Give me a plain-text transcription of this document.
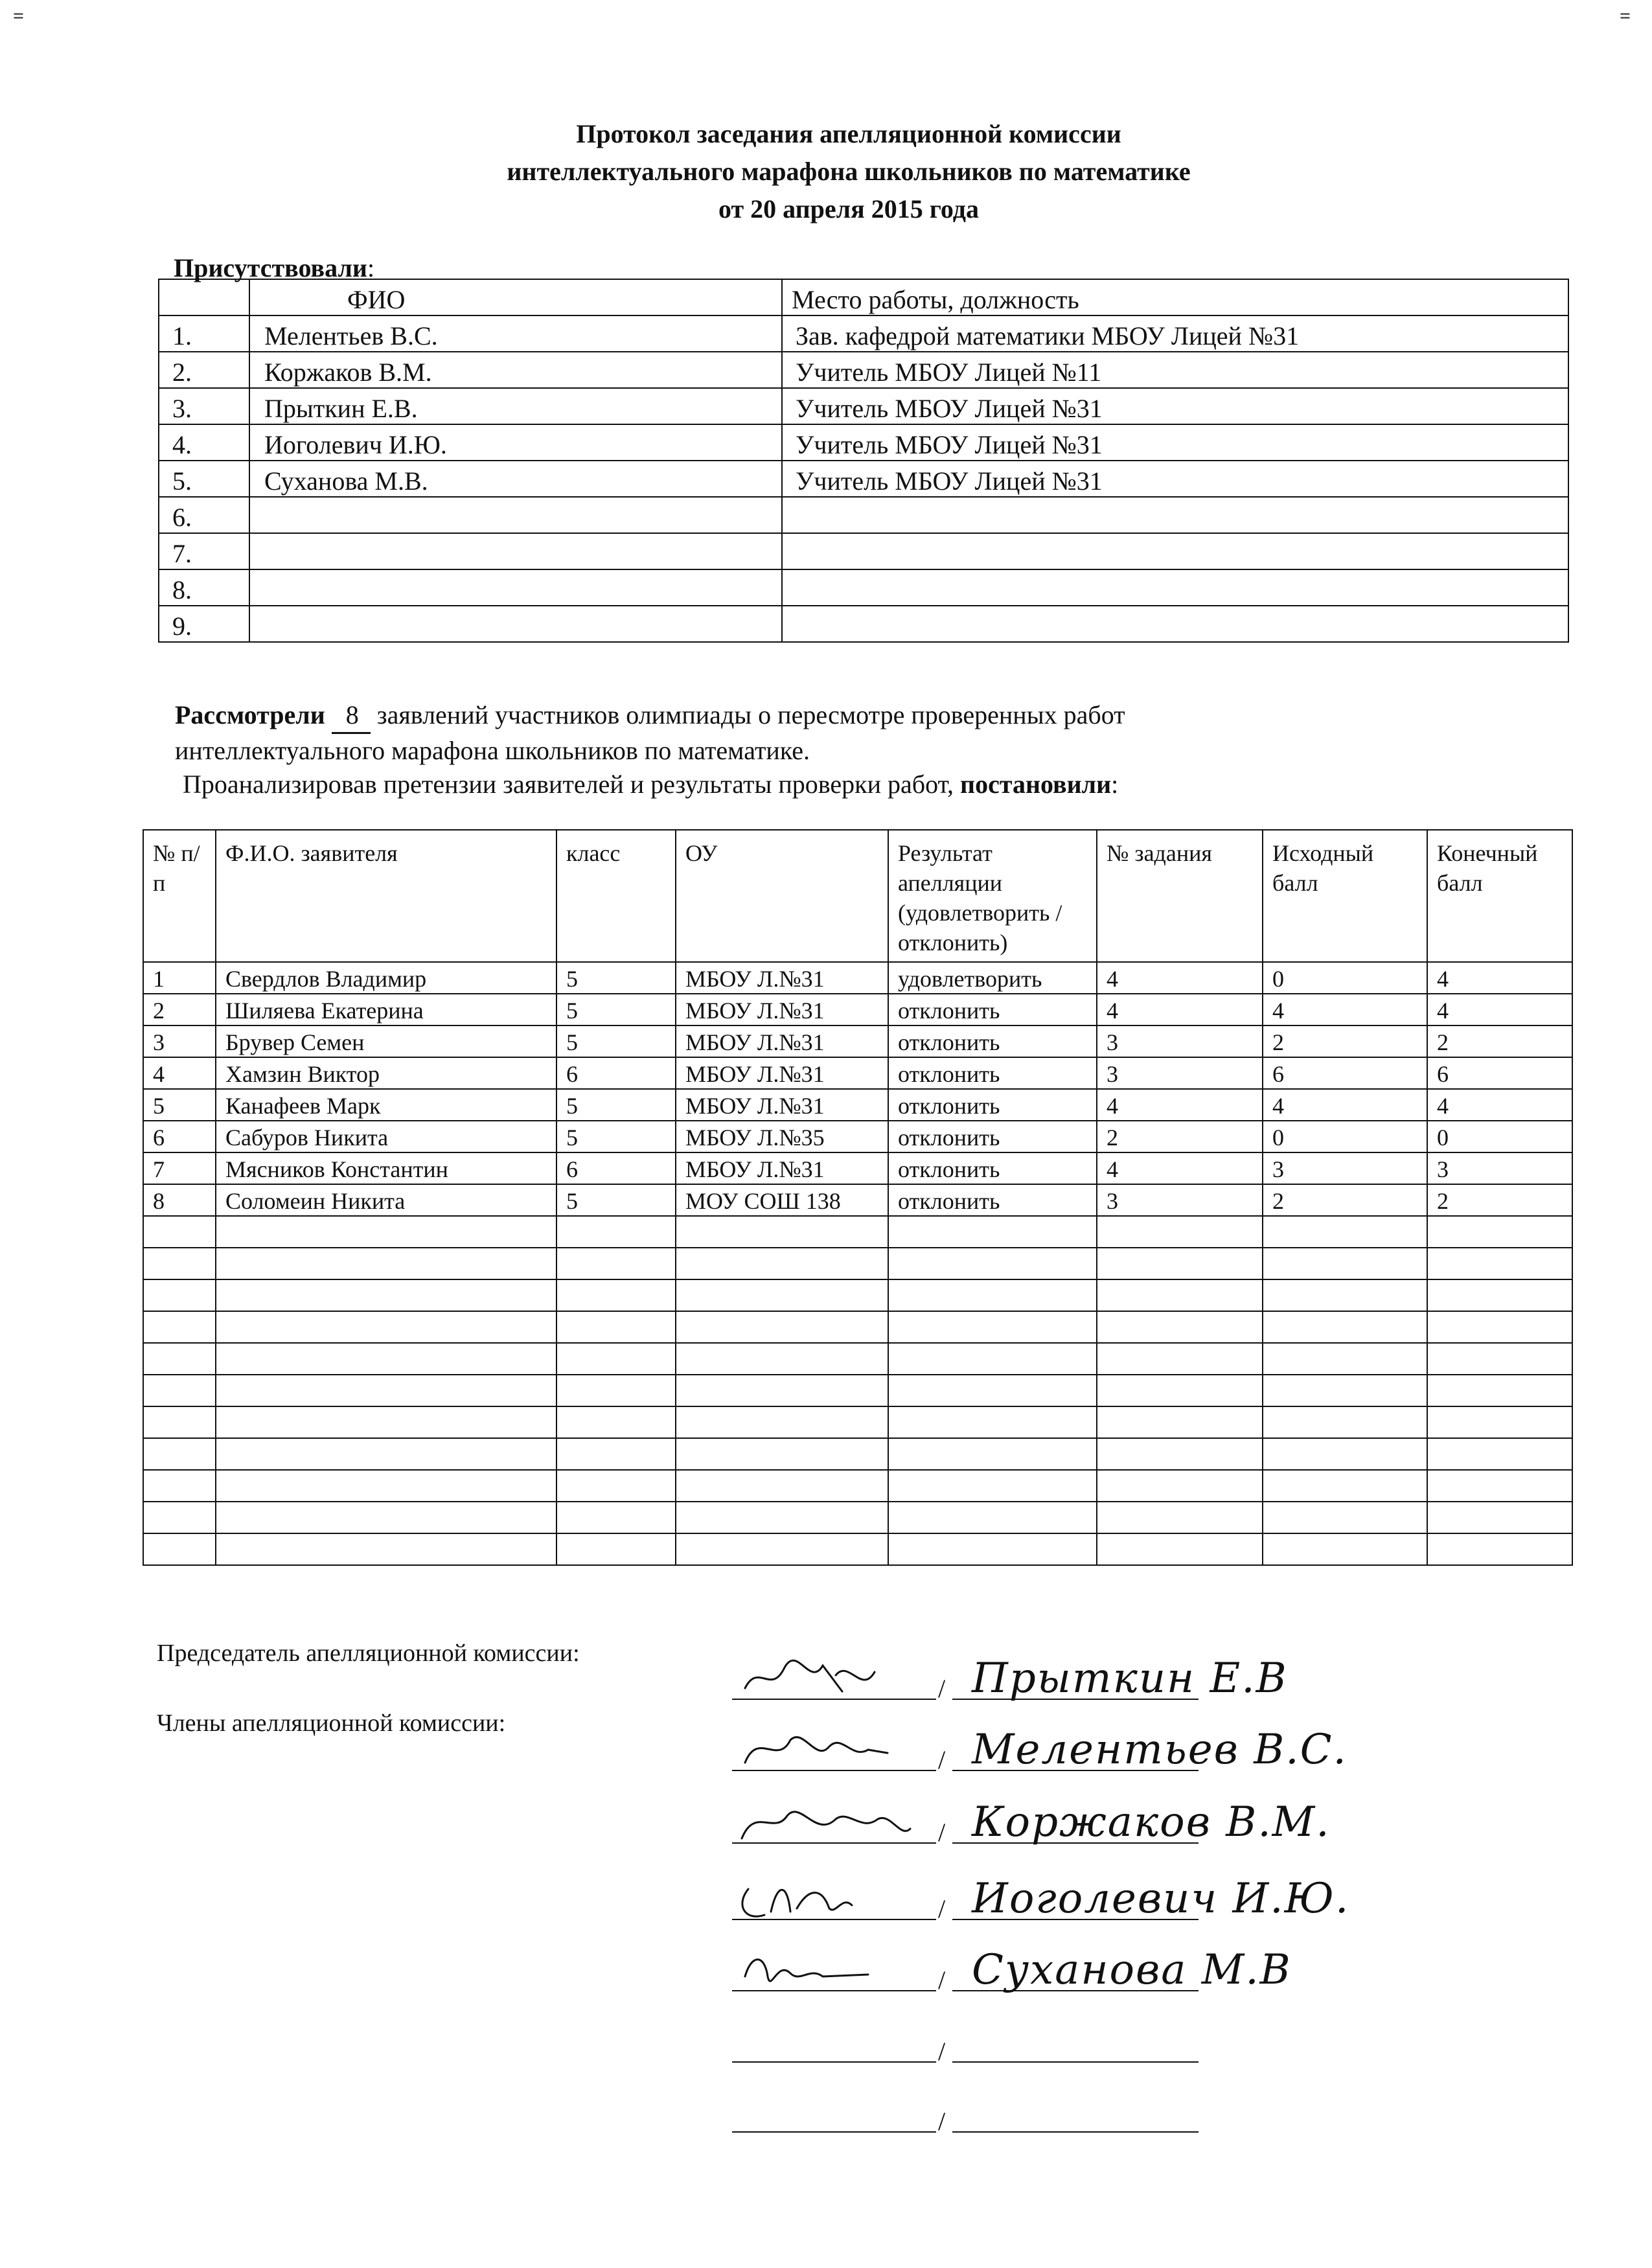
=	=
Протокол заседания апелляционной комиссии
интеллектуального марафона школьников по математике
от 20 апреля 2015 года
Присутствовали:
	ФИО	Место работы, должность
1.	Мелентьев В.С.	Зав. кафедрой математики МБОУ Лицей №31
2.	Коржаков В.М.	Учитель МБОУ Лицей №11
3.	Прыткин Е.В.	Учитель МБОУ Лицей №31
4.	Иоголевич И.Ю.	Учитель МБОУ Лицей №31
5.	Суханова М.В.	Учитель МБОУ Лицей №31
6.		
7.		
8.		
9.		
Рассмотрели 8 заявлений участников олимпиады о пересмотре проверенных работ
интеллектуального марафона школьников по математике.
Проанализировав претензии заявителей и результаты проверки работ, постановили:
№ п/п	Ф.И.О. заявителя	класс	ОУ	Результат апелляции (удовлетворить /отклонить)	№ задания	Исходный балл	Конечный балл
1	Свердлов Владимир	5	МБОУ Л.№31	удовлетворить	4	0	4
2	Шиляева Екатерина	5	МБОУ Л.№31	отклонить	4	4	4
3	Брувер Семен	5	МБОУ Л.№31	отклонить	3	2	2
4	Хамзин Виктор	6	МБОУ Л.№31	отклонить	3	6	6
5	Канафеев Марк	5	МБОУ Л.№31	отклонить	4	4	4
6	Сабуров Никита	5	МБОУ Л.№35	отклонить	2	0	0
7	Мясников Константин	6	МБОУ Л.№31	отклонить	4	3	3
8	Соломеин Никита	5	МОУ СОШ 138	отклонить	3	2	2

Председатель апелляционной комиссии:
Члены апелляционной комиссии:
/ Прыткин Е.В
/ Мелентьев В.С.
/ Коржаков В.М.
/ Иоголевич И.Ю.
/ Суханова М.В
/
/
